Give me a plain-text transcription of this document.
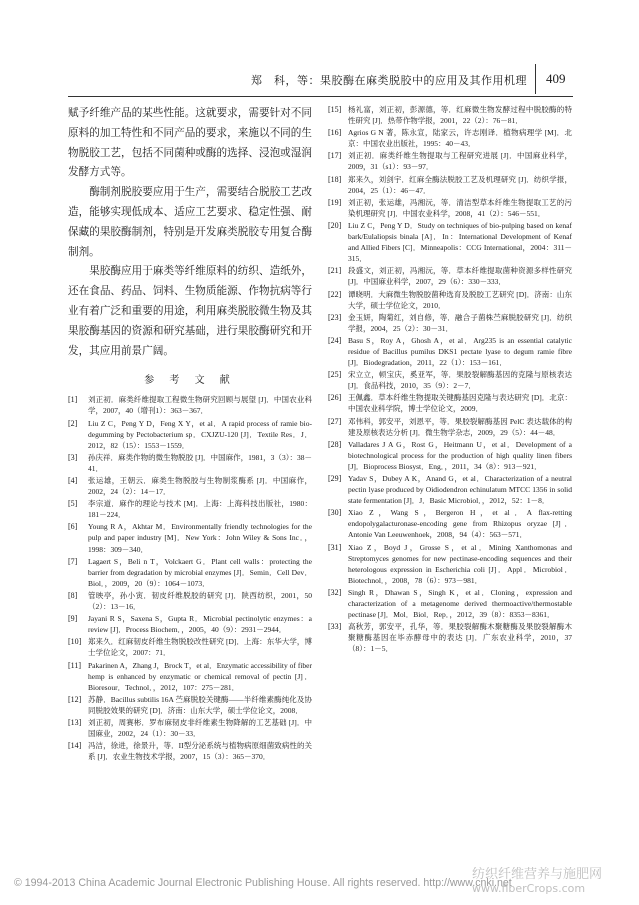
郑　科，等：果胶酶在麻类脱胶中的应用及其作用机理 409

赋予纤维产品的某些性能。这就要求，需要针对不同原料的加工特性和不同产品的要求，来施以不同的生物脱胶工艺，包括不同菌种或酶的选择、浸泡或湿润发酵方式等。

酶制剂脱胶要应用于生产，需要结合脱胶工艺改造，能够实现低成本、适应工艺要求、稳定性强、耐保藏的果胶酶制剂，特别是开发麻类脱胶专用复合酶制剂。

果胶酶应用于麻类等纤维原料的纺织、造纸外，还在食品、药品、饲料、生物质能源、作物抗病等行业有着广泛和重要的用途，利用麻类脱胶微生物及其果胶酶基因的资源和研究基础，进行果胶酶研究和开发，其应用前景广阔。

参 考 文 献
[1] 刘正初．麻类纤维提取工程微生物研究回顾与展望 [J]．中国农业科学，2007，40（增刊1）：363－367．
[2] Liu Z C，Peng Y D，Feng X Y，et al．A rapid process of ramie bio-degumming by Pectobacterium sp．CXJZU-120 [J]．Textile Res．J．2012，82（15）：1553－1559．
[3] 孙庆祥．麻类作物的微生物脱胶 [J]．中国麻作，1981，3（3）：38－41．
[4] 张运雄，王朝云．麻类生物脱胶与生物制浆酶系 [J]．中国麻作，2002，24（2）：14－17．
[5] 李宗道．麻作的理论与技术 [M]．上海：上海科技出版社，1980：181－224．
[6] Young R A，Akhtar M．Environmentally friendly technologies for the pulp and paper industry [M]．New York：John Wiley & Sons Inc．，1998：309－340．
[7] Lagaert S，Beli n T，Volckaert G．Plant cell walls：protecting the barrier from degradation by microbial enzymes [J]．Semin．Cell Dev．Biol．，2009，20（9）：1064－1073．
[8] 管映亭，孙小寅．韧皮纤维脱胶的研究 [J]．陕西纺织，2001，50（2）：13－16．
[9] Jayani R S，Saxena S，Gupta R．Microbial pectinolytic enzymes：a review [J]．Process Biochem．，2005，40（9）：2931－2944．
[10] 郑来久．红麻韧皮纤维生物脱胶改性研究 [D]．上海：东华大学，博士学位论文，2007：71．
[11] Pakarinen A，Zhang J，Brock T，et al．Enzymatic accessibility of fiber hemp is enhanced by enzymatic or chemical removal of pectin [J]．Bioresour．Technol．，2012，107：275－281．
[12] 苏静．Bacillus subtilis 16A 苎麻脱胶关键酶——半纤维素酶纯化及协同脱胶效果的研究 [D]．济南：山东大学，硕士学位论文，2008．
[13] 刘正初，周赛彬．罗布麻韧皮非纤维素生物降解的工艺基础 [J]．中国麻业，2002，24（1）：30－33．
[14] 冯洁，徐进，徐景升，等．II型分泌系统与植物病原细菌致病性的关系 [J]．农业生物技术学报，2007，15（3）：365－370．
[15] 杨礼富，刘正初，彭源德，等．红麻微生物发酵过程中脱胶酶的特性研究 [J]．热带作物学报，2001，22（2）：76－81．
[16] Agrios G N 著，陈永宣，陆家云，许志刚译．植物病理学 [M]．北京：中国农业出版社，1995：40－43．
[17] 刘正初．麻类纤维生物提取与工程研究进展 [J]．中国麻业科学，2009，31（s1）：93－97．
[18] 郑来久，刘剑宇．红麻全酶法脱胶工艺及机理研究 [J]．纺织学报，2004，25（1）：46－47．
[19] 刘正初，张运雄，冯湘沅，等．清洁型草本纤维生物提取工艺的污染机理研究 [J]．中国农业科学，2008，41（2）：546－551．
[20] Liu Z C，Peng Y D．Study on techniques of bio-pulping based on kenaf bark/Eulaliopsis binala [A]．In：International Development of Kenaf and Allied Fibers [C]．Minneapolis：CCG International，2004：311－315．
[21] 段盛文，刘正初，冯湘沅，等．草本纤维提取菌种资源多样性研究 [J]．中国麻业科学，2007，29（6）：330－333．
[22] 谭晓明．大麻微生物脱胶菌种选育及脱胶工艺研究 [D]．济南：山东大学，硕士学位论文，2010．
[23] 金玉妍，陶菊红，刘自修，等．融合子菌株苎麻脱胶研究 [J]．纺织学报，2004，25（2）：30－31．
[24] Basu S，Roy A，Ghosh A，et al．Arg235 is an essential catalytic residue of Bacillus pumilus DKS1 pectate lyase to degum ramie fibre [J]．Biodegradation，2011，22（1）：153－161．
[25] 宋立立，顿宝庆，奚亚军，等．果胶裂解酶基因的克隆与原核表达 [J]．食品科技，2010，35（9）：2－7．
[26] 王佩鑫．草本纤维生物提取关键酶基因克隆与表达研究 [D]．北京：中国农业科学院，博士学位论文，2009．
[27] 邓伟科，郭安平，刘恩平，等．果胶裂解酶基因 PelC 表达载体的构建及原核表达分析 [J]．微生物学杂志，2009，29（5）：44－48．
[28] Valladares J A G，Rost G，Heitmann U，et al．Development of a biotechnological process for the production of high quality linen fibers [J]．Bioprocess Biosyst．Eng．，2011，34（8）：913－921．
[29] Yadav S，Dubey A K，Anand G，et al．Characterization of a neutral pectin lyase produced by Oidiodendron echinulatum MTCC 1356 in solid state fermentation [J]．J．Basic Microbiol．，2012，52：1－8．
[30] Xiao Z，Wang S，Bergeron H，et al．A flax-retting endopolygalacturonase-encoding gene from Rhizopus oryzae [J]．Antonie Van Leeuwenhoek，2008，94（4）：563－571．
[31] Xiao Z，Boyd J，Grosse S，et al．Mining Xanthomonas and Streptomyces genomes for new pectinase-encoding sequences and their heterologous expression in Escherichia coli [J]．Appl．Microbiol．Biotechnol．，2008，78（6）：973－981．
[32] Singh R，Dhawan S，Singh K，et al．Cloning，expression and characterization of a metagenome derived thermoactive/thermostable pectinase [J]．Mol．Biol．Rep．，2012，39（8）：8353－8361．
[33] 高秋芳，郭安平，孔华，等．果胶裂解酶木聚糖酶及果胶裂解酶木聚糖酶基因在毕赤酵母中的表达 [J]．广东农业科学，2010，37（8）：1－5．
© 1994-2013 China Academic Journal Electronic Publishing House. All rights reserved. http://www.cnki.net
纺织纤维营养与施肥网
www.fiberCrops.com
